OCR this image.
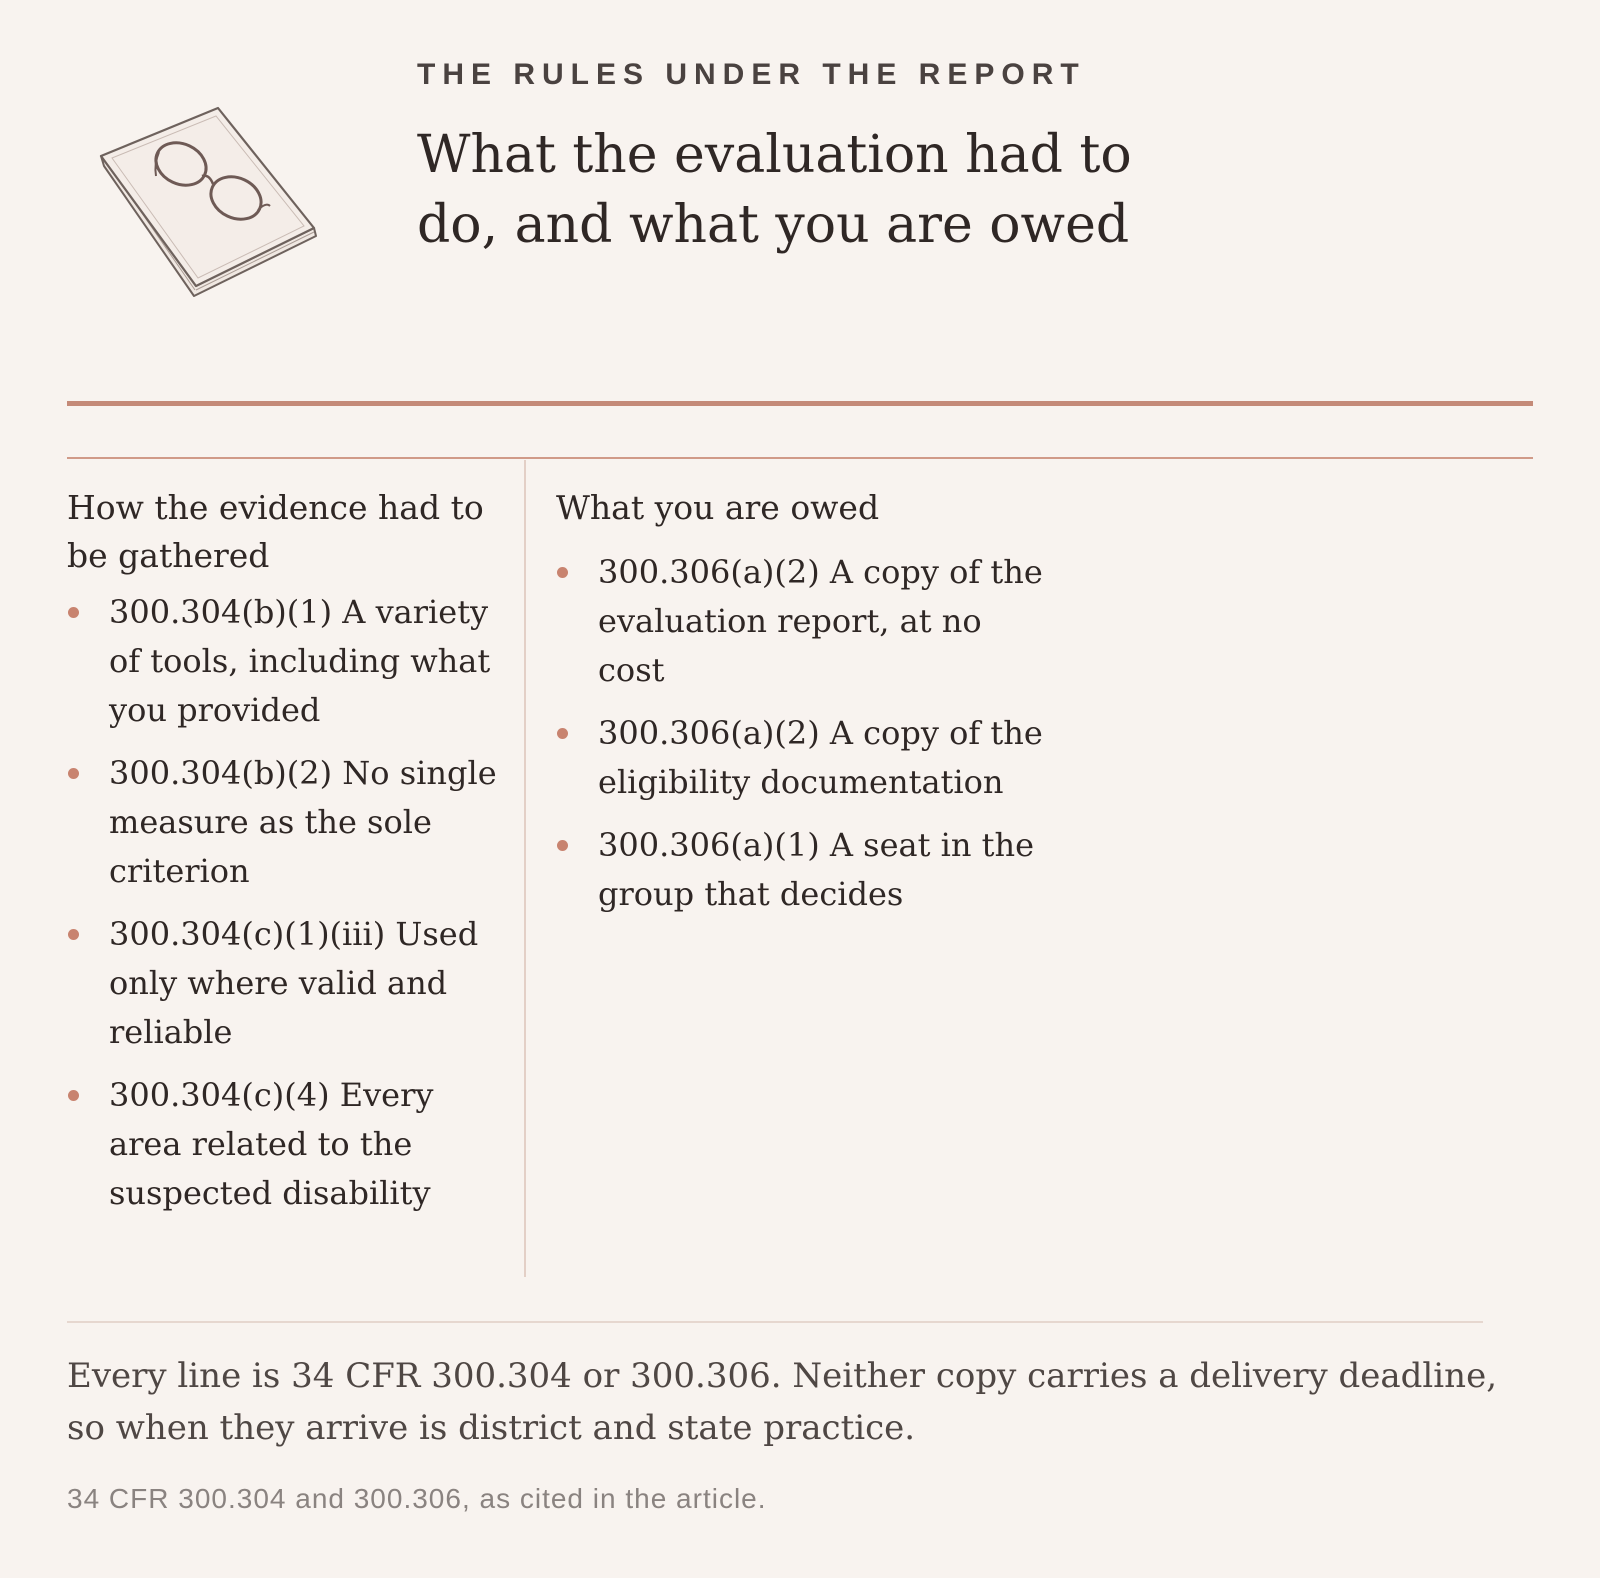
THE RULES UNDER THE REPORT

What the evaluation had to do, and what you are owed
How the evidence had to be gathered
300.304(b)(1) A variety of tools, including what you provided
300.304(b)(2) No single measure as the sole criterion
300.304(c)(1)(iii) Used only where valid and reliable
300.304(c)(4) Every area related to the suspected disability
What you are owed
300.306(a)(2) A copy of the evaluation report, at no cost
300.306(a)(2) A copy of the eligibility documentation
300.306(a)(1) A seat in the group that decides

Every line is 34 CFR 300.304 or 300.306. Neither copy carries a delivery deadline, so when they arrive is district and state practice.

34 CFR 300.304 and 300.306, as cited in the article.
